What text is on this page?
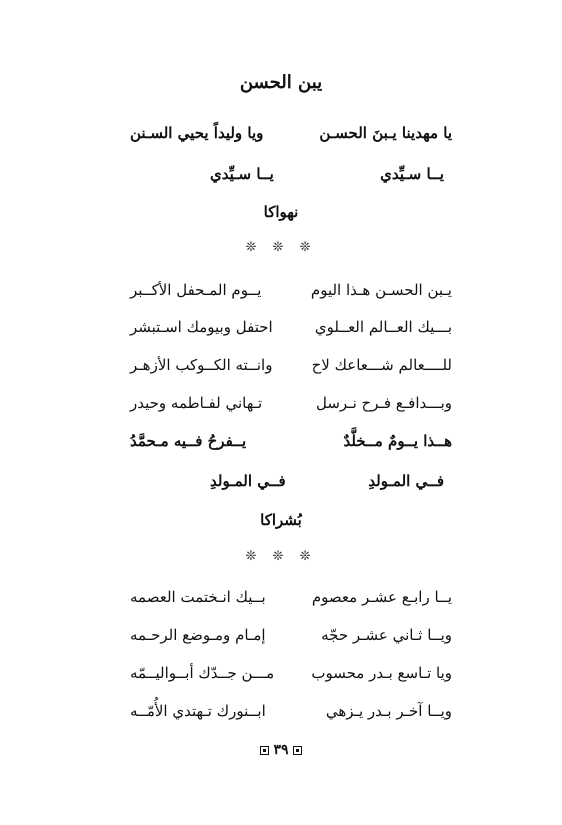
يبن الحسن
يا مهدينا يـبنَ الحسـن
ويا وليداً يحيي السـنن
يــا سـيِّدي
يــا سـيِّدي
نهواكا
❊ ❊ ❊
يـبن الحسـن هـذا اليوم
يــوم المـحفل الأكــبر
بـــيك العــالم العــلوي
احتفل وبيومك اسـتبشر
للــــعالم شـــعاعك لاح
وانــته الكــوكب الأزهـر
وبـــدافـع فـرح نـرسل
تـهاني لفـاطمه وحيدر
هــذا يــومٌ مــخلَّدٌ
يــفرحُ فــيه مـحمَّدُ
فــي المـولدِ
فــي المـولدِ
بُشراكا
❊ ❊ ❊
يــا رابـع عشـر معصوم
بــيك انـختمت العصمه
ويــا ثـاني عشـر حجّه
إمـام ومـوضع الرحـمه
ويا تـاسع بـدر محسوب
مـــن جــدّك أبــواليــمّه
ويــا آخـر بـدر يـزهي
ابــنورك تـهتدي الأُمّــه
٣٩
